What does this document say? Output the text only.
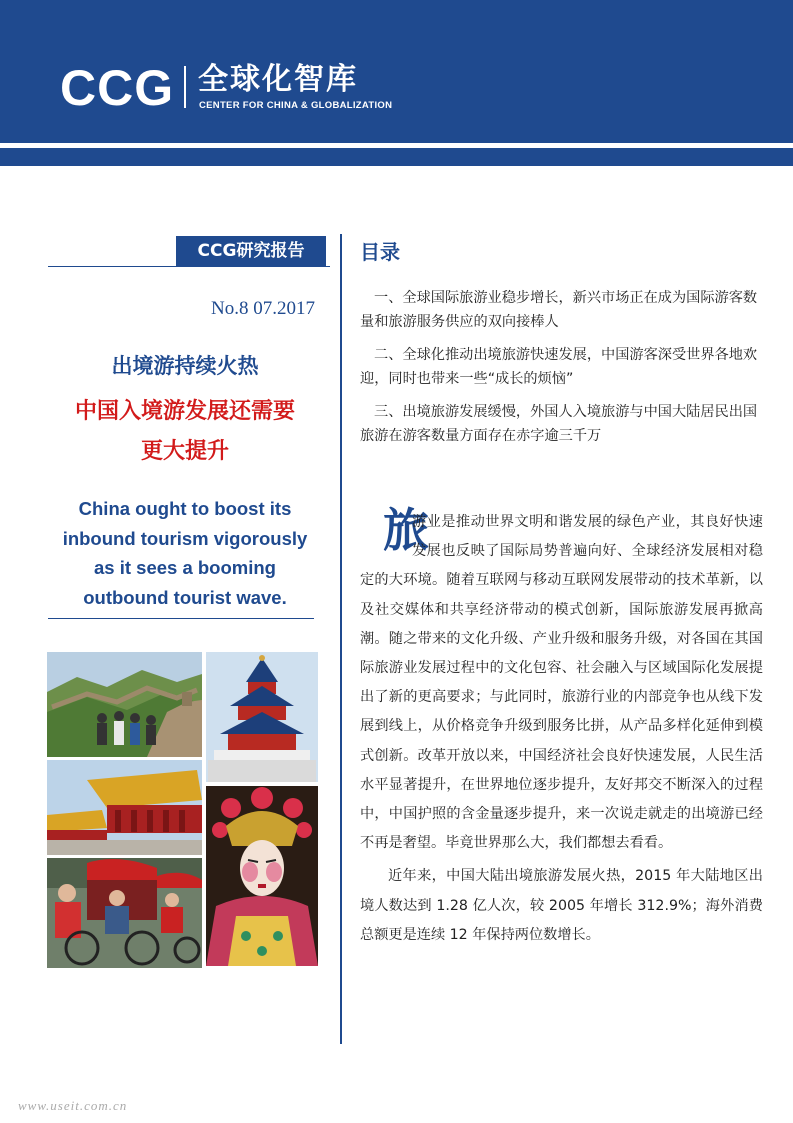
CCG 全球化智库
CENTER FOR CHINA & GLOBALIZATION
CCG研究报告
No.8 07.2017
出境游持续火热
中国入境游发展还需要
更大提升
China ought to boost its
inbound tourism vigorously
as it sees a booming
outbound tourist wave.
目录
一、全球国际旅游业稳步增长，新兴市场正在成为国际游客数量和旅游服务供应的双向接棒人
二、全球化推动出境旅游快速发展，中国游客深受世界各地欢迎，同时也带来一些“成长的烦恼”
三、出境旅游发展缓慢，外国人入境旅游与中国大陆居民出国旅游在游客数量方面存在赤字逾三千万
旅

游业是推动世界文明和谐发展的绿色产业，其良好快速发展也反映了国际局势普遍向好、全球经济发展相对稳定的大环境。随着互联网与移动互联网发展带动的技术革新，以及社交媒体和共享经济带动的模式创新，国际旅游发展再掀高潮。随之带来的文化升级、产业升级和服务升级，对各国在其国际旅游业发展过程中的文化包容、社会融入与区域国际化发展提出了新的更高要求；与此同时，旅游行业的内部竞争也从线下发展到线上，从价格竞争升级到服务比拼，从产品多样化延伸到模式创新。改革开放以来，中国经济社会良好快速发展，人民生活水平显著提升，在世界地位逐步提升，友好邦交不断深入的过程中，中国护照的含金量逐步提升，来一次说走就走的出境游已经不再是奢望。毕竟世界那么大，我们都想去看看。

近年来，中国大陆出境旅游发展火热，2015 年大陆地区出境人数达到 1.28 亿人次，较 2005 年增长 312.9%；海外消费总额更是连续 12 年保持两位数增长。

www.useit.com.cn
